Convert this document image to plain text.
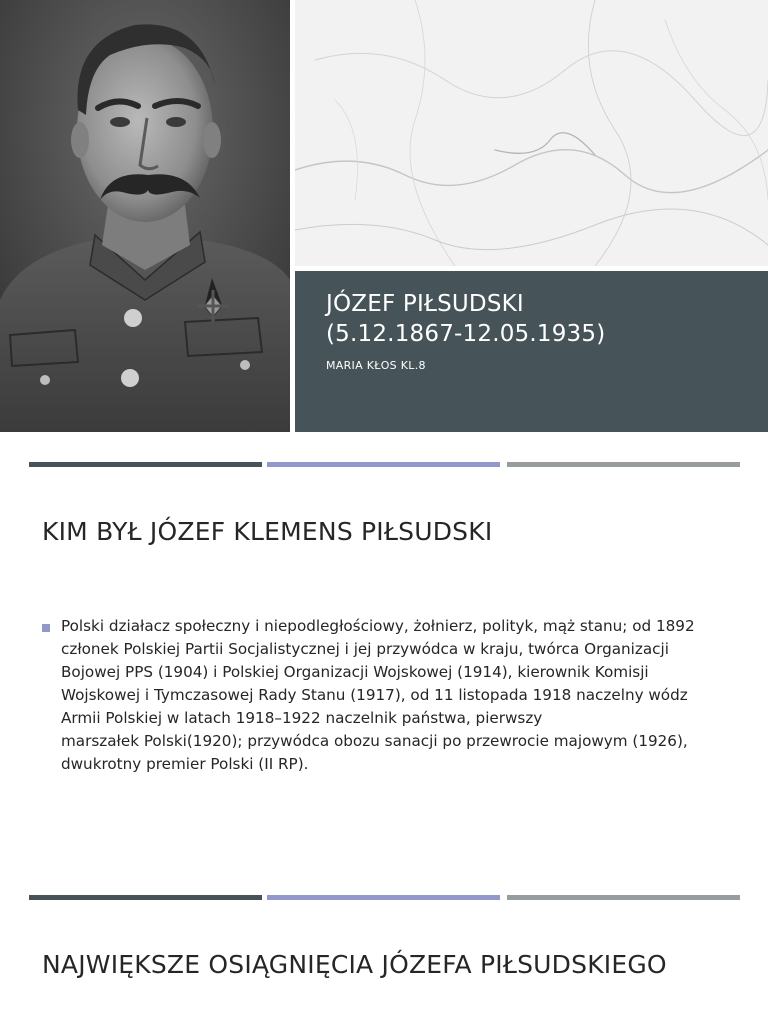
JÓZEF PIŁSUDSKI
(5.12.1867-12.05.1935)
MARIA KŁOS KL.8
KIM BYŁ JÓZEF KLEMENS PIŁSUDSKI

Polski działacz społeczny i niepodległościowy, żołnierz, polityk, mąż stanu; od 1892
członek Polskiej Partii Socjalistycznej i jej przywódca w kraju, twórca Organizacji
Bojowej PPS (1904) i Polskiej Organizacji Wojskowej (1914), kierownik Komisji
Wojskowej i Tymczasowej Rady Stanu (1917), od 11 listopada 1918 naczelny wódz
Armii Polskiej w latach 1918–1922 naczelnik państwa, pierwszy
marszałek Polski(1920); przywódca obozu sanacji po przewrocie majowym (1926),
dwukrotny premier Polski (II RP).

NAJWIĘKSZE OSIĄGNIĘCIA JÓZEFA PIŁSUDSKIEGO
